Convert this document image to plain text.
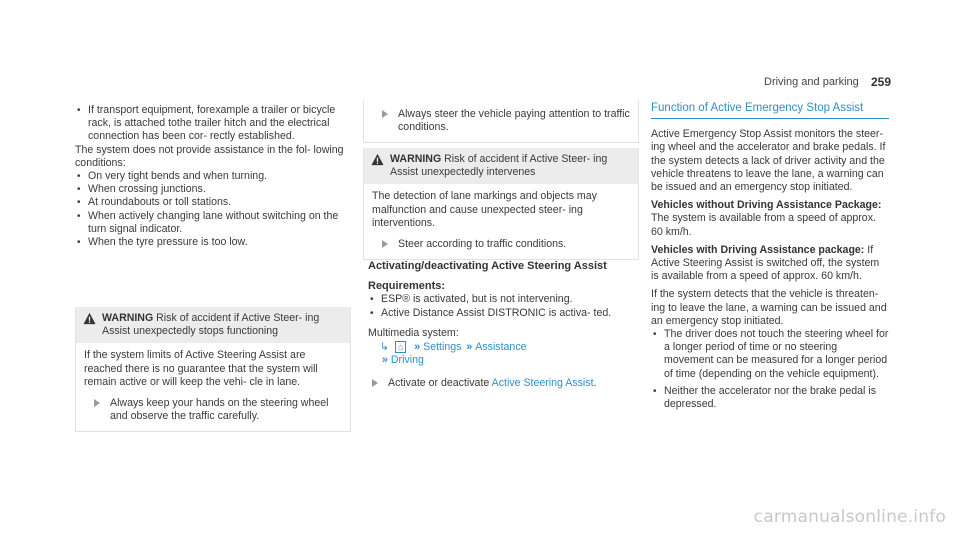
Driving and parking 259
• If transport equipment, forexample a trailer or bicycle rack, is attached tothe trailer hitch and the electrical connection has been cor‐ rectly established.
The system does not provide assistance in the fol‐ lowing conditions:
• On very tight bends and when turning.
• When crossing junctions.
• At roundabouts or toll stations.
• When actively changing lane without switching on the turn signal indicator.
• When the tyre pressure is too low.
WARNING Risk of accident if Active Steer‐ ing Assist unexpectedly stops functioning
If the system limits of Active Steering Assist are reached there is no guarantee that the system will remain active or will keep the vehi‐ cle in lane.
Always keep your hands on the steering wheel and observe the traffic carefully.
Always steer the vehicle paying attention to traffic conditions.
WARNING Risk of accident if Active Steer‐ ing Assist unexpectedly intervenes
The detection of lane markings and objects may malfunction and cause unexpected steer‐ ing interventions.
Steer according to traffic conditions.
Activating/deactivating Active Steering Assist
Requirements:
• ESP® is activated, but is not intervening.
• Active Distance Assist DISTRONIC is activa‐ ted.
Multimedia system:
↳ ⌂ » Settings » Assistance
» Driving
Activate or deactivate Active Steering Assist.
Function of Active Emergency Stop Assist
Active Emergency Stop Assist monitors the steer‐ ing wheel and the accelerator and brake pedals. If the system detects a lack of driver activity and the vehicle threatens to leave the lane, a warning can be issued and an emergency stop initiated.
Vehicles without Driving Assistance Package: The system is available from a speed of approx. 60 km/h.
Vehicles with Driving Assistance package: If Active Steering Assist is switched off, the system is available from a speed of approx. 60 km/h.
If the system detects that the vehicle is threaten‐ ing to leave the lane, a warning can be issued and an emergency stop initiated.
• The driver does not touch the steering wheel for a longer period of time or no steering movement can be measured for a longer period of time (depending on the vehicle equipment).
• Neither the accelerator nor the brake pedal is depressed.
carmanualsonline.info
